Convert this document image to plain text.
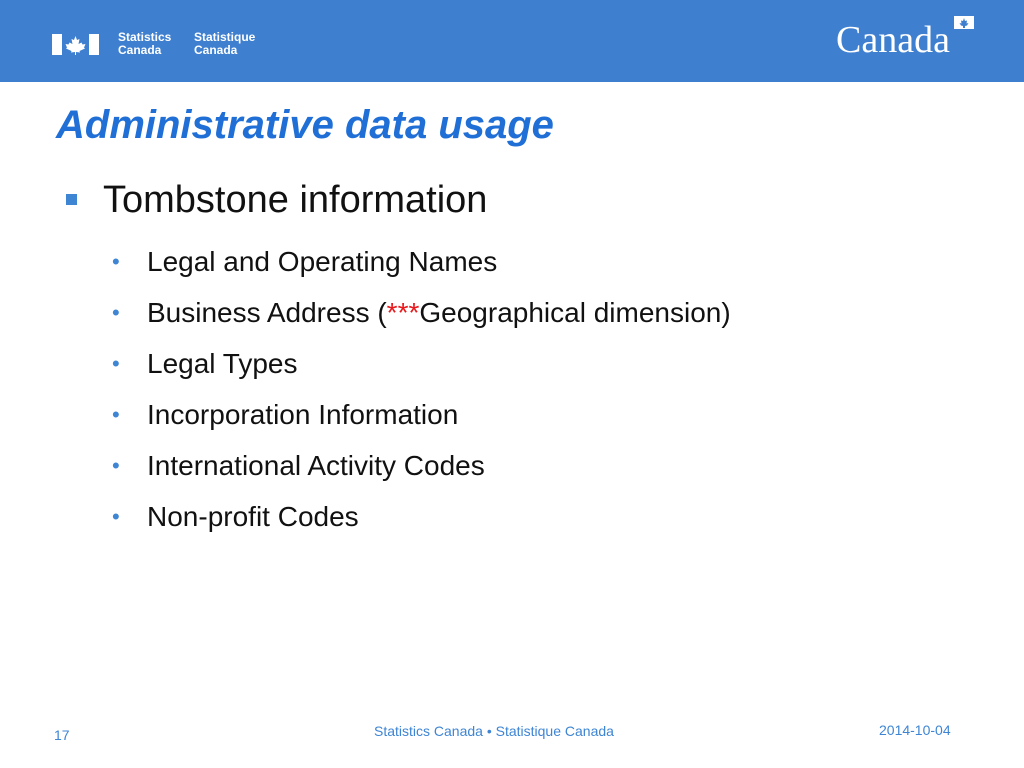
Statistics
Canada
Statistique
Canada	Canada
Administrative data usage
Tombstone information
• Legal and Operating Names
• Business Address (***Geographical dimension)
• Legal Types
• Incorporation Information
• International Activity Codes
• Non-profit Codes
17	Statistics Canada • Statistique Canada	2014-10-04
